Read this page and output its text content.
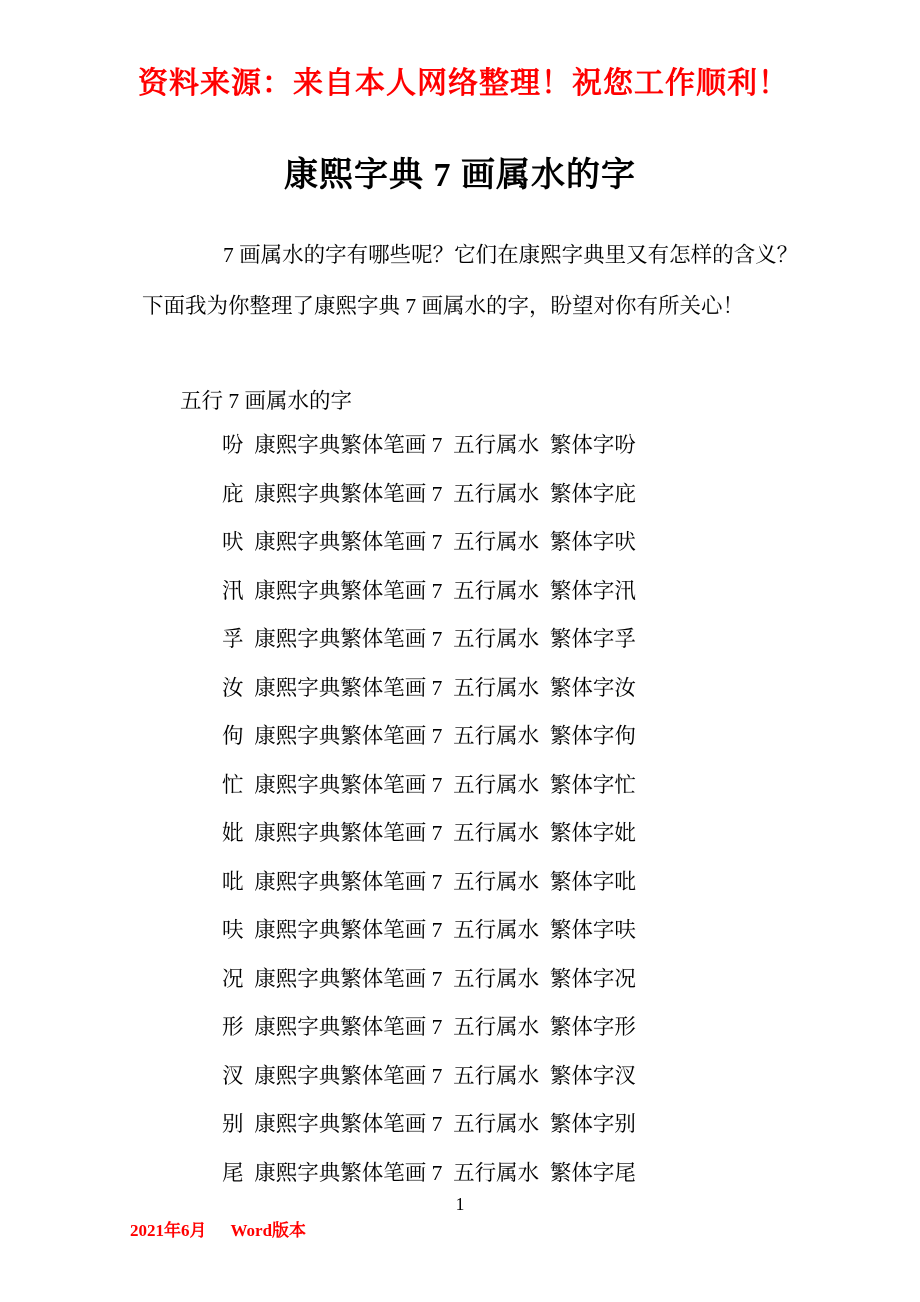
资料来源：来自本人网络整理！祝您工作顺利！
康熙字典 7 画属水的字
7 画属水的字有哪些呢？它们在康熙字典里又有怎样的含义？
下面我为你整理了康熙字典 7 画属水的字，盼望对你有所关心！
五行 7 画属水的字

吩  康熙字典繁体笔画 7  五行属水  繁体字吩

庇  康熙字典繁体笔画 7  五行属水  繁体字庇

吠  康熙字典繁体笔画 7  五行属水  繁体字吠

汛  康熙字典繁体笔画 7  五行属水  繁体字汛

孚  康熙字典繁体笔画 7  五行属水  繁体字孚

汝  康熙字典繁体笔画 7  五行属水  繁体字汝

佝  康熙字典繁体笔画 7  五行属水  繁体字佝

忙  康熙字典繁体笔画 7  五行属水  繁体字忙

妣  康熙字典繁体笔画 7  五行属水  繁体字妣

吡  康熙字典繁体笔画 7  五行属水  繁体字吡

呋  康熙字典繁体笔画 7  五行属水  繁体字呋

况  康熙字典繁体笔画 7  五行属水  繁体字况

形  康熙字典繁体笔画 7  五行属水  繁体字形

汊  康熙字典繁体笔画 7  五行属水  繁体字汊

别  康熙字典繁体笔画 7  五行属水  繁体字别

尾  康熙字典繁体笔画 7  五行属水  繁体字尾

2021年6月 Word版本

1
